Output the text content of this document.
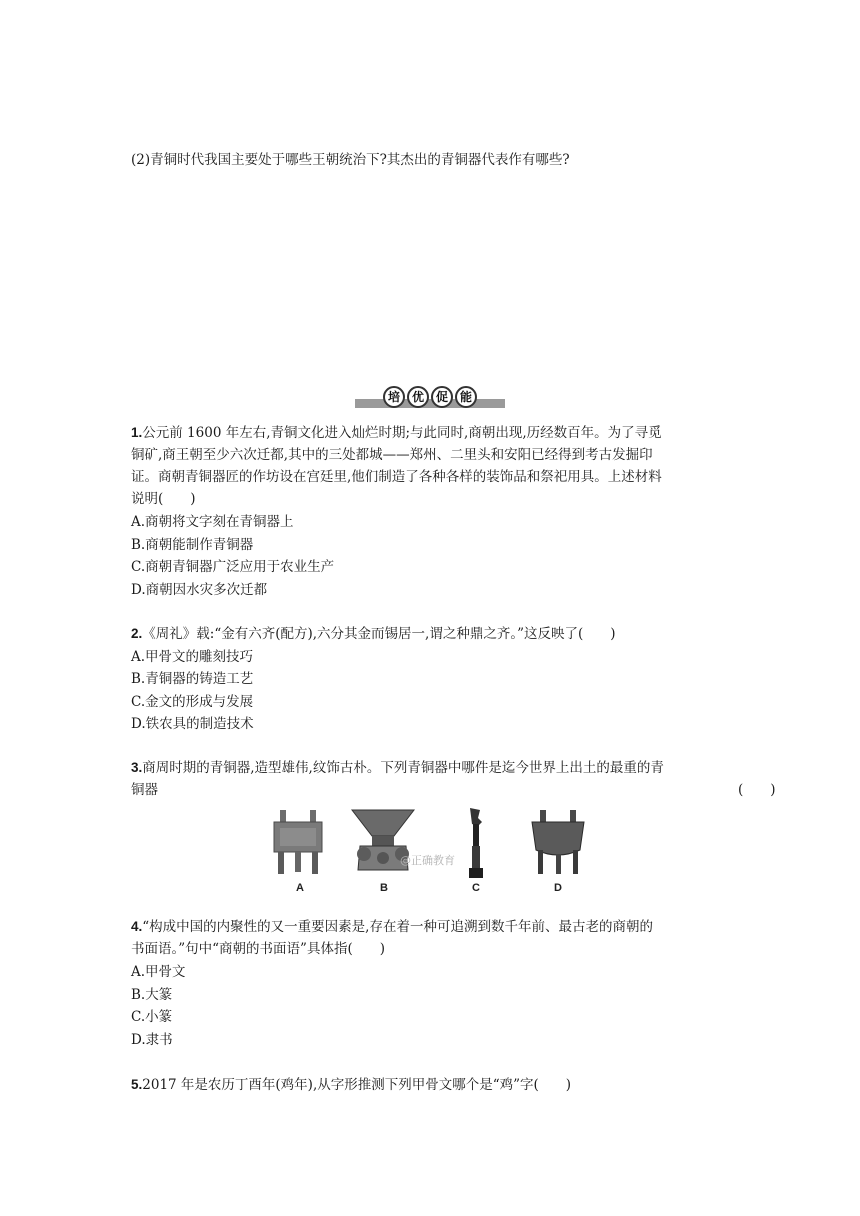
(2)青铜时代我国主要处于哪些王朝统治下?其杰出的青铜器代表作有哪些?
培 优 促 能
1.公元前 1600 年左右,青铜文化进入灿烂时期;与此同时,商朝出现,历经数百年。为了寻觅
铜矿,商王朝至少六次迁都,其中的三处都城——郑州、二里头和安阳已经得到考古发掘印
证。商朝青铜器匠的作坊设在宫廷里,他们制造了各种各样的装饰品和祭祀用具。上述材料
说明(　　)
A.商朝将文字刻在青铜器上
B.商朝能制作青铜器
C.商朝青铜器广泛应用于农业生产
D.商朝因水灾多次迁都
2.《周礼》载:“金有六齐(配方),六分其金而锡居一,谓之种鼎之齐。”这反映了(　　)
A.甲骨文的雕刻技巧
B.青铜器的铸造工艺
C.金文的形成与发展
D.铁农具的制造技术
3.商周时期的青铜器,造型雄伟,纹饰古朴。下列青铜器中哪件是迄今世界上出土的最重的青
铜器	(　　)
A	B
@正确教育
C	D
4.“构成中国的内聚性的又一重要因素是,存在着一种可追溯到数千年前、最古老的商朝的
书面语。”句中“商朝的书面语”具体指(　　)
A.甲骨文
B.大篆
C.小篆
D.隶书
5.2017 年是农历丁酉年(鸡年),从字形推测下列甲骨文哪个是“鸡”字(　　)
